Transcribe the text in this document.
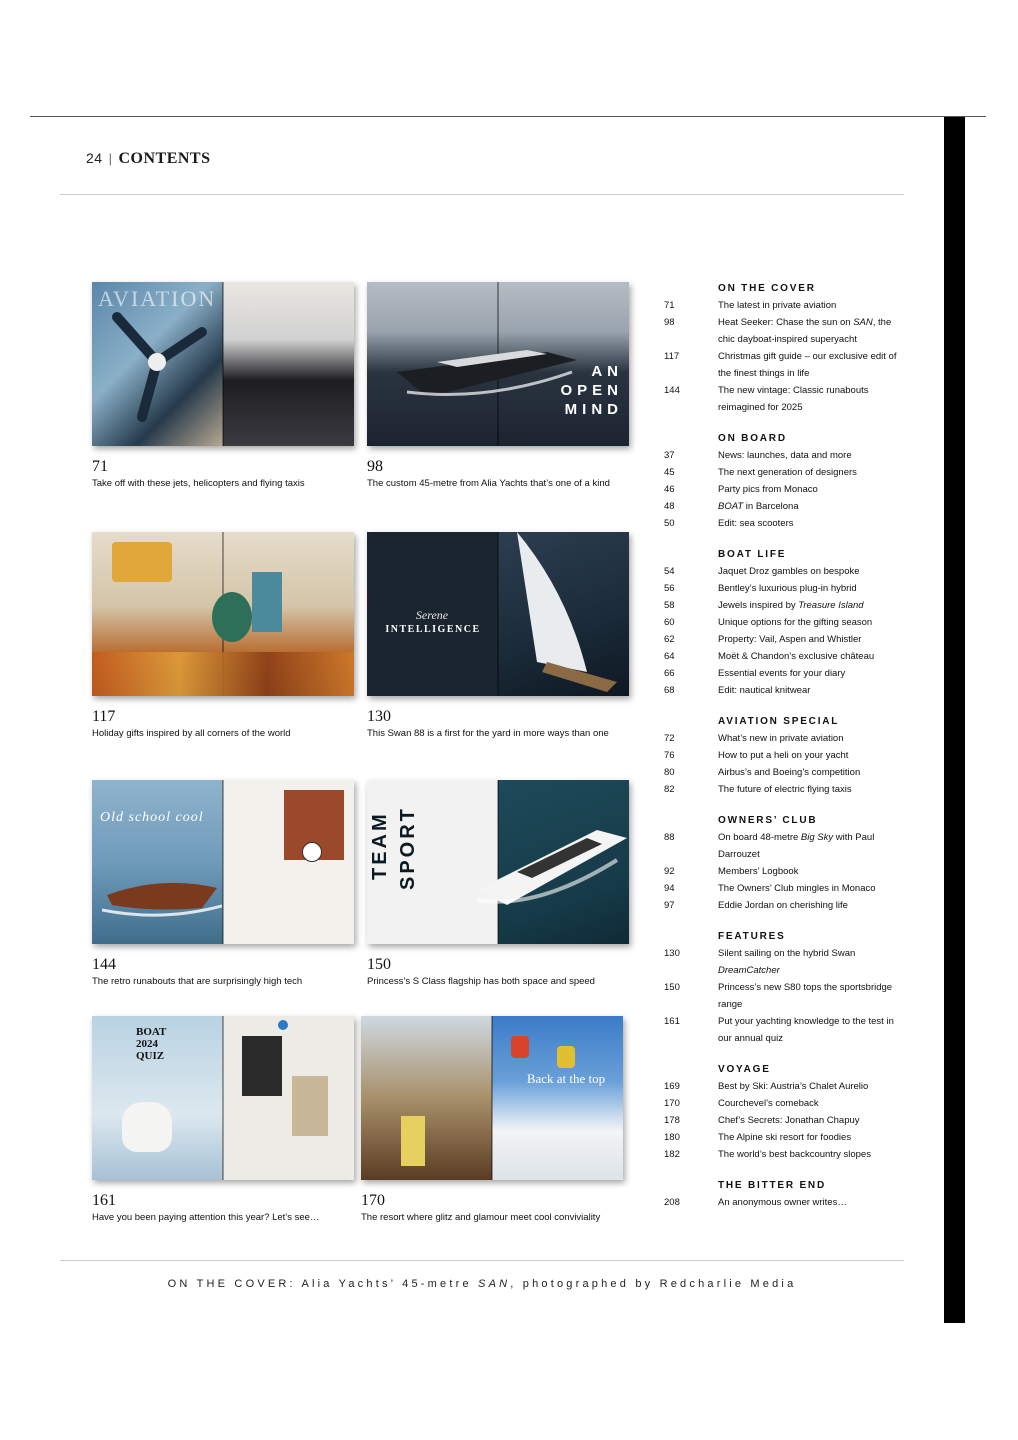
24 | CONTENTS
AVIATION
71
Take off with these jets, helicopters and flying taxis
AN OPEN MIND
98
The custom 45-metre from Alia Yachts that’s one of a kind
117
Holiday gifts inspired by all corners of the world
Serene
INTELLIGENCE
130
This Swan 88 is a first for the yard in more ways than one
Old school cool
144
The retro runabouts that are surprisingly high tech
TEAM SPORT
150
Princess’s S Class flagship has both space and speed
BOAT 2024 QUIZ
161
Have you been paying attention this year? Let’s see…
Back at the top
170
The resort where glitz and glamour meet cool conviviality
ON THE COVER
71	The latest in private aviation
98	Heat Seeker: Chase the sun on SAN, the chic dayboat-inspired superyacht
117	Christmas gift guide – our exclusive edit of the finest things in life
144	The new vintage: Classic runabouts reimagined for 2025
ON BOARD
37	News: launches, data and more
45	The next generation of designers
46	Party pics from Monaco
48	BOAT in Barcelona
50	Edit: sea scooters
BOAT LIFE
54	Jaquet Droz gambles on bespoke
56	Bentley’s luxurious plug-in hybrid
58	Jewels inspired by Treasure Island
60	Unique options for the gifting season
62	Property: Vail, Aspen and Whistler
64	Moët & Chandon’s exclusive château
66	Essential events for your diary
68	Edit: nautical knitwear
AVIATION SPECIAL
72	What’s new in private aviation
76	How to put a heli on your yacht
80	Airbus’s and Boeing’s competition
82	The future of electric flying taxis
OWNERS’ CLUB
88	On board 48-metre Big Sky with Paul Darrouzet
92	Members’ Logbook
94	The Owners’ Club mingles in Monaco
97	Eddie Jordan on cherishing life
FEATURES
130	Silent sailing on the hybrid Swan DreamCatcher
150	Princess’s new S80 tops the sportsbridge range
161	Put your yachting knowledge to the test in our annual quiz
VOYAGE
169	Best by Ski: Austria’s Chalet Aurelio
170	Courchevel’s comeback
178	Chef’s Secrets: Jonathan Chapuy
180	The Alpine ski resort for foodies
182	The world’s best backcountry slopes
THE BITTER END
208	An anonymous owner writes…
ON THE COVER: Alia Yachts’ 45-metre SAN, photographed by Redcharlie Media
